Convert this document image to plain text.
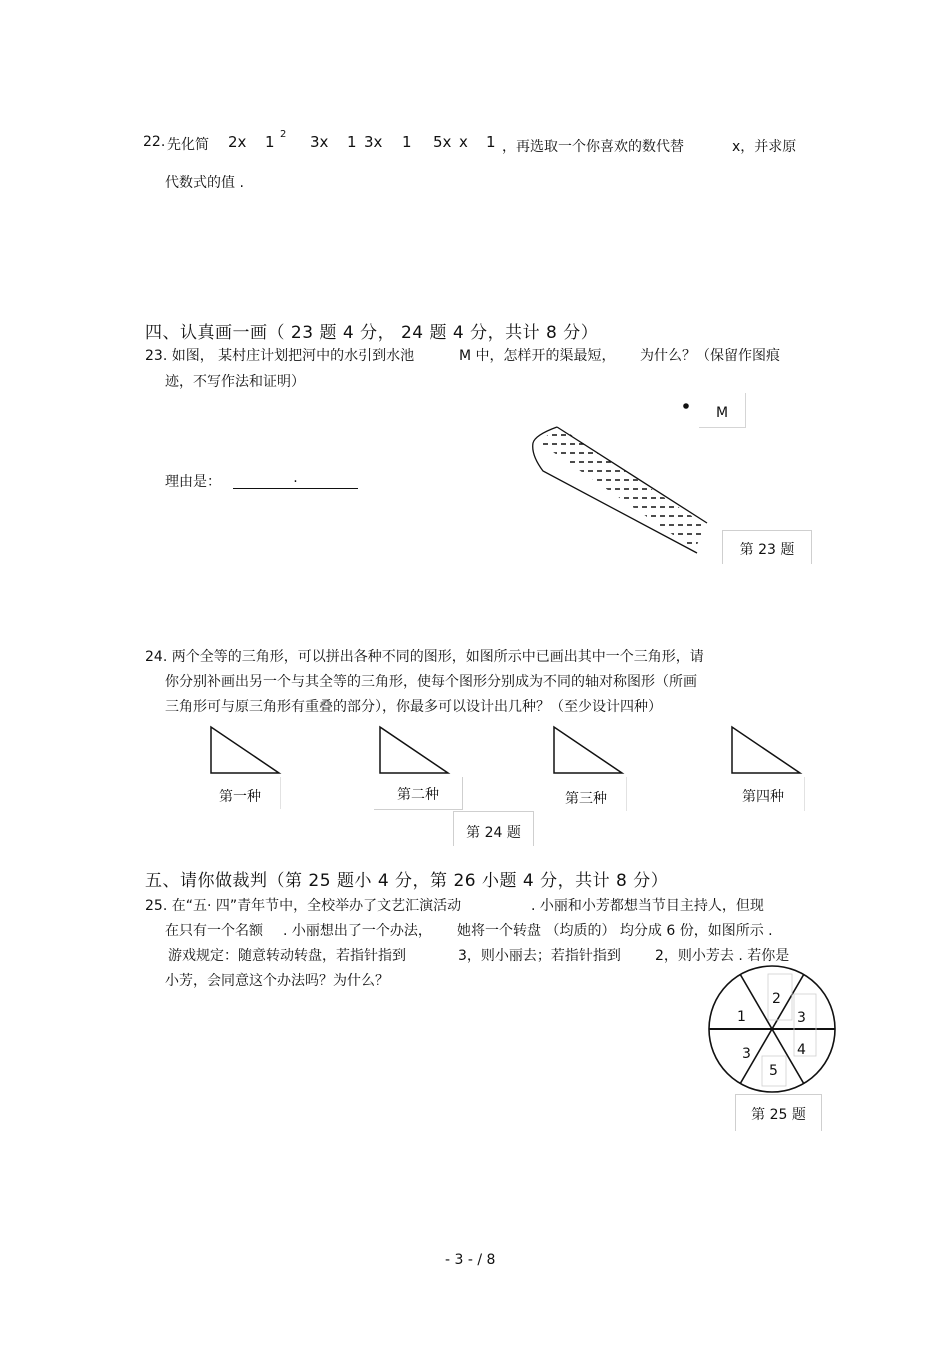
22. 先化简 2x 1 2 3x 1 3x 1 5x x 1 ，再选取一个你喜欢的数代替	x，并求原
代数式的值 .
四、认真画一画（ 23 题 4 分， 24 题 4 分，共计 8 分）
23. 如图， 某村庄计划把河中的水引到水池	M 中，怎样开的渠最短， 为什么？（保留作图痕
迹，不写作法和证明）
理由是：	.
M
第 23 题
24. 两个全等的三角形，可以拼出各种不同的图形，如图所示中已画出其中一个三角形，请
你分别补画出另一个与其全等的三角形，使每个图形分别成为不同的轴对称图形（所画
三角形可与原三角形有重叠的部分），你最多可以设计出几种？（至少设计四种）
第一种	第二种	第三种	第四种
第 24 题
五、请你做裁判（第 25 题小 4 分，第 26 小题 4 分，共计 8 分）
25. 在“五· 四”青年节中，全校举办了文艺汇演活动	. 小丽和小芳都想当节目主持人，但现
在只有一个名额 . 小丽想出了一个办法， 她将一个转盘 （均质的） 均分成 6 份，如图所示 .
游戏规定：随意转动转盘，若指针指到	3，则小丽去；若指针指到 2，则小芳去 . 若你是
小芳，会同意这个办法吗？为什么？
1
2
3
4
5
3
第 25 题
- 3 - / 8
